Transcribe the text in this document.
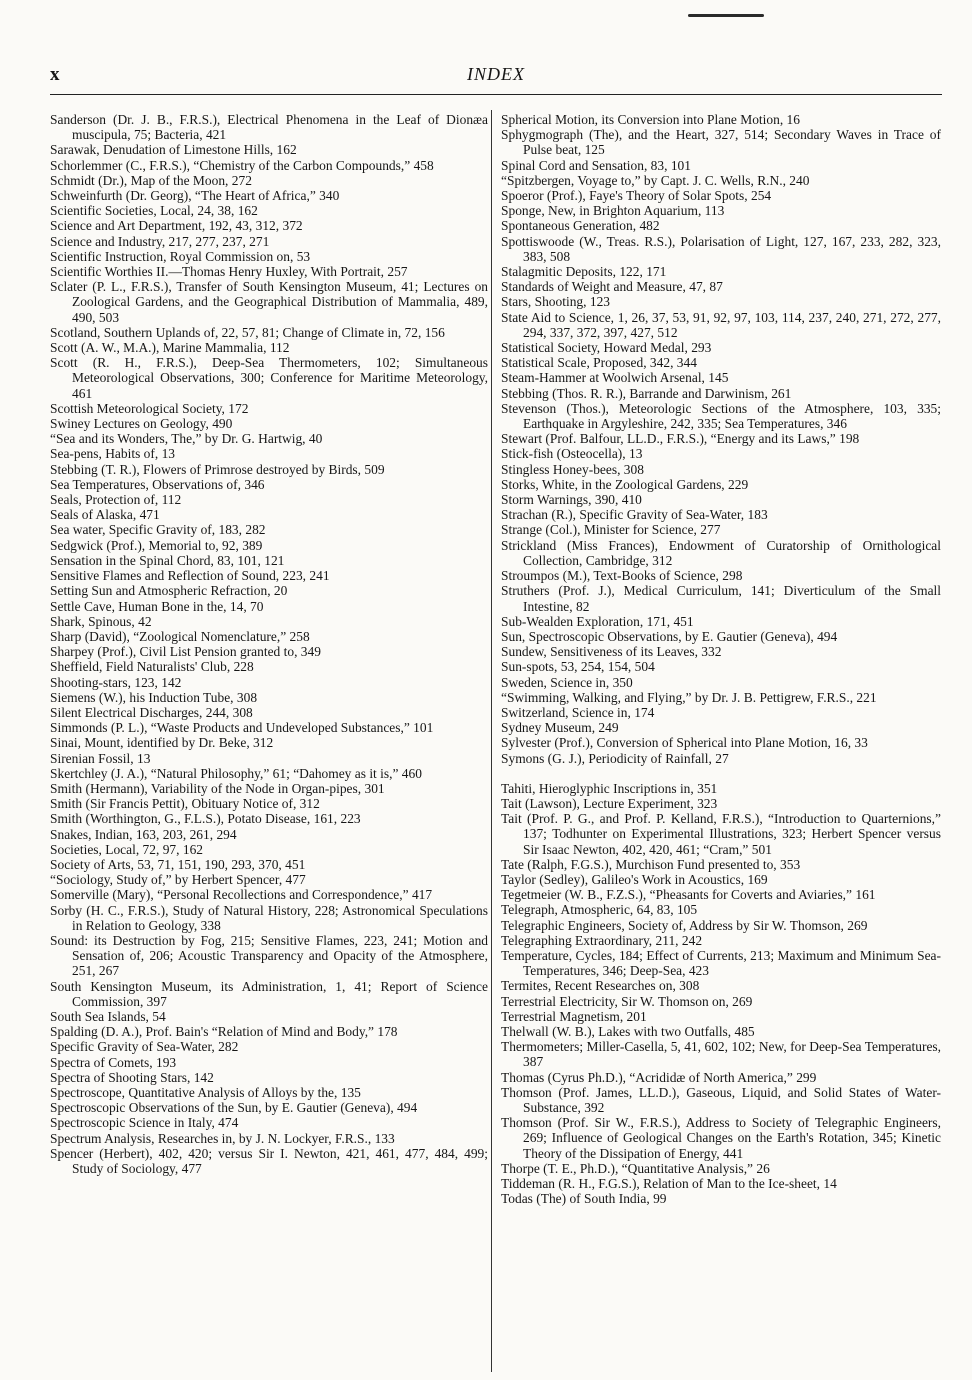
x	INDEX

Sanderson (Dr. J. B., F.R.S.), Electrical Phenomena in the Leaf of Dionæa muscipula, 75; Bacteria, 421

Sarawak, Denudation of Limestone Hills, 162

Schorlemmer (C., F.R.S.), “Chemistry of the Carbon Compounds,” 458

Schmidt (Dr.), Map of the Moon, 272

Schweinfurth (Dr. Georg), “The Heart of Africa,” 340

Scientific Societies, Local, 24, 38, 162

Science and Art Department, 192, 43, 312, 372

Science and Industry, 217, 277, 237, 271

Scientific Instruction, Royal Commission on, 53

Scientific Worthies II.—Thomas Henry Huxley, With Portrait, 257

Sclater (P. L., F.R.S.), Transfer of South Kensington Museum, 41; Lectures on Zoological Gardens, and the Geographical Distribution of Mammalia, 489, 490, 503

Scotland, Southern Uplands of, 22, 57, 81; Change of Climate in, 72, 156

Scott (A. W., M.A.), Marine Mammalia, 112

Scott (R. H., F.R.S.), Deep-Sea Thermometers, 102; Simultaneous Meteorological Observations, 300; Conference for Maritime Meteorology, 461

Scottish Meteorological Society, 172

Swiney Lectures on Geology, 490

“Sea and its Wonders, The,” by Dr. G. Hartwig, 40

Sea-pens, Habits of, 13

Stebbing (T. R.), Flowers of Primrose destroyed by Birds, 509

Sea Temperatures, Observations of, 346

Seals, Protection of, 112

Seals of Alaska, 471

Sea water, Specific Gravity of, 183, 282

Sedgwick (Prof.), Memorial to, 92, 389

Sensation in the Spinal Chord, 83, 101, 121

Sensitive Flames and Reflection of Sound, 223, 241

Setting Sun and Atmospheric Refraction, 20

Settle Cave, Human Bone in the, 14, 70

Shark, Spinous, 42

Sharp (David), “Zoological Nomenclature,” 258

Sharpey (Prof.), Civil List Pension granted to, 349

Sheffield, Field Naturalists' Club, 228

Shooting-stars, 123, 142

Siemens (W.), his Induction Tube, 308

Silent Electrical Discharges, 244, 308

Simmonds (P. L.), “Waste Products and Undeveloped Substances,” 101

Sinai, Mount, identified by Dr. Beke, 312

Sirenian Fossil, 13

Skertchley (J. A.), “Natural Philosophy,” 61; “Dahomey as it is,” 460

Smith (Hermann), Variability of the Node in Organ-pipes, 301

Smith (Sir Francis Pettit), Obituary Notice of, 312

Smith (Worthington, G., F.L.S.), Potato Disease, 161, 223

Snakes, Indian, 163, 203, 261, 294

Societies, Local, 72, 97, 162

Society of Arts, 53, 71, 151, 190, 293, 370, 451

“Sociology, Study of,” by Herbert Spencer, 477

Somerville (Mary), “Personal Recollections and Correspondence,” 417

Sorby (H. C., F.R.S.), Study of Natural History, 228; Astronomical Speculations in Relation to Geology, 338

Sound: its Destruction by Fog, 215; Sensitive Flames, 223, 241; Motion and Sensation of, 206; Acoustic Transparency and Opacity of the Atmosphere, 251, 267

South Kensington Museum, its Administration, 1, 41; Report of Science Commission, 397

South Sea Islands, 54

Spalding (D. A.), Prof. Bain's “Relation of Mind and Body,” 178

Specific Gravity of Sea-Water, 282

Spectra of Comets, 193

Spectra of Shooting Stars, 142

Spectroscope, Quantitative Analysis of Alloys by the, 135

Spectroscopic Observations of the Sun, by E. Gautier (Geneva), 494

Spectroscopic Science in Italy, 474

Spectrum Analysis, Researches in, by J. N. Lockyer, F.R.S., 133

Spencer (Herbert), 402, 420; versus Sir I. Newton, 421, 461, 477, 484, 499; Study of Sociology, 477

Spherical Motion, its Conversion into Plane Motion, 16

Sphygmograph (The), and the Heart, 327, 514; Secondary Waves in Trace of Pulse beat, 125

Spinal Cord and Sensation, 83, 101

“Spitzbergen, Voyage to,” by Capt. J. C. Wells, R.N., 240

Spoeror (Prof.), Faye's Theory of Solar Spots, 254

Sponge, New, in Brighton Aquarium, 113

Spontaneous Generation, 482

Spottiswoode (W., Treas. R.S.), Polarisation of Light, 127, 167, 233, 282, 323, 383, 508

Stalagmitic Deposits, 122, 171

Standards of Weight and Measure, 47, 87

Stars, Shooting, 123

State Aid to Science, 1, 26, 37, 53, 91, 92, 97, 103, 114, 237, 240, 271, 272, 277, 294, 337, 372, 397, 427, 512

Statistical Society, Howard Medal, 293

Statistical Scale, Proposed, 342, 344

Steam-Hammer at Woolwich Arsenal, 145

Stebbing (Thos. R. R.), Barrande and Darwinism, 261

Stevenson (Thos.), Meteorologic Sections of the Atmosphere, 103, 335; Earthquake in Argyleshire, 242, 335; Sea Temperatures, 346

Stewart (Prof. Balfour, LL.D., F.R.S.), “Energy and its Laws,” 198

Stick-fish (Osteocella), 13

Stingless Honey-bees, 308

Storks, White, in the Zoological Gardens, 229

Storm Warnings, 390, 410

Strachan (R.), Specific Gravity of Sea-Water, 183

Strange (Col.), Minister for Science, 277

Strickland (Miss Frances), Endowment of Curatorship of Ornithological Collection, Cambridge, 312

Stroumpos (M.), Text-Books of Science, 298

Struthers (Prof. J.), Medical Curriculum, 141; Diverticulum of the Small Intestine, 82

Sub-Wealden Exploration, 171, 451

Sun, Spectroscopic Observations, by E. Gautier (Geneva), 494

Sundew, Sensitiveness of its Leaves, 332

Sun-spots, 53, 254, 154, 504

Sweden, Science in, 350

“Swimming, Walking, and Flying,” by Dr. J. B. Pettigrew, F.R.S., 221

Switzerland, Science in, 174

Sydney Museum, 249

Sylvester (Prof.), Conversion of Spherical into Plane Motion, 16, 33

Symons (G. J.), Periodicity of Rainfall, 27

Tahiti, Hieroglyphic Inscriptions in, 351

Tait (Lawson), Lecture Experiment, 323

Tait (Prof. P. G., and Prof. P. Kelland, F.R.S.), “Introduction to Quarternions,” 137; Todhunter on Experimental Illustrations, 323; Herbert Spencer versus Sir Isaac Newton, 402, 420, 461; “Cram,” 501

Tate (Ralph, F.G.S.), Murchison Fund presented to, 353

Taylor (Sedley), Galileo's Work in Acoustics, 169

Tegetmeier (W. B., F.Z.S.), “Pheasants for Coverts and Aviaries,” 161

Telegraph, Atmospheric, 64, 83, 105

Telegraphic Engineers, Society of, Address by Sir W. Thomson, 269

Telegraphing Extraordinary, 211, 242

Temperature, Cycles, 184; Effect of Currents, 213; Maximum and Minimum Sea-Temperatures, 346; Deep-Sea, 423

Termites, Recent Researches on, 308

Terrestrial Electricity, Sir W. Thomson on, 269

Terrestrial Magnetism, 201

Thelwall (W. B.), Lakes with two Outfalls, 485

Thermometers; Miller-Casella, 5, 41, 602, 102; New, for Deep-Sea Temperatures, 387

Thomas (Cyrus Ph.D.), “Acrididæ of North America,” 299

Thomson (Prof. James, LL.D.), Gaseous, Liquid, and Solid States of Water-Substance, 392

Thomson (Prof. Sir W., F.R.S.), Address to Society of Telegraphic Engineers, 269; Influence of Geological Changes on the Earth's Rotation, 345; Kinetic Theory of the Dissipation of Energy, 441

Thorpe (T. E., Ph.D.), “Quantitative Analysis,” 26

Tiddeman (R. H., F.G.S.), Relation of Man to the Ice-sheet, 14

Todas (The) of South India, 99
